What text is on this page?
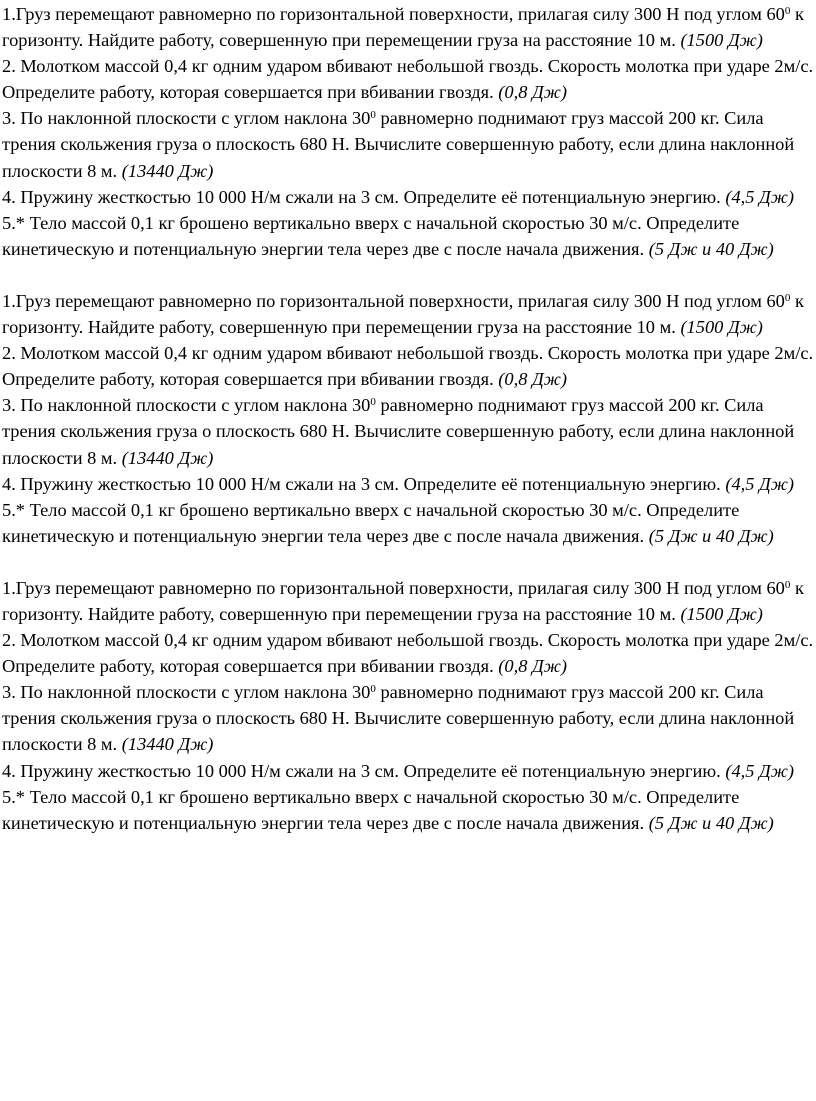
1.Груз перемещают равномерно по горизонтальной поверхности, прилагая силу 300 Н под углом $60^0$ к горизонту. Найдите работу, совершенную при перемещении груза на расстояние 10 м. (1500 Дж)

2. Молотком массой 0,4 кг одним ударом вбивают небольшой гвоздь. Скорость молотка при ударе 2м/с. Определите работу, которая совершается при вбивании гвоздя. (0,8 Дж)

3. По наклонной плоскости с углом наклона $30^0$ равномерно поднимают груз массой 200 кг. Сила трения скольжения груза о плоскость 680 Н. Вычислите совершенную работу, если длина наклонной плоскости 8 м. (13440 Дж)

4. Пружину жесткостью 10 000 Н/м сжали на 3 см. Определите её потенциальную энергию. (4,5 Дж)

5.* Тело массой 0,1 кг брошено вертикально вверх с начальной скоростью 30 м/с. Определите кинетическую и потенциальную энергии тела через две с после начала движения. (5 Дж и 40 Дж)

1.Груз перемещают равномерно по горизонтальной поверхности, прилагая силу 300 Н под углом $60^0$ к горизонту. Найдите работу, совершенную при перемещении груза на расстояние 10 м. (1500 Дж)

2. Молотком массой 0,4 кг одним ударом вбивают небольшой гвоздь. Скорость молотка при ударе 2м/с. Определите работу, которая совершается при вбивании гвоздя. (0,8 Дж)

3. По наклонной плоскости с углом наклона $30^0$ равномерно поднимают груз массой 200 кг. Сила трения скольжения груза о плоскость 680 Н. Вычислите совершенную работу, если длина наклонной плоскости 8 м. (13440 Дж)

4. Пружину жесткостью 10 000 Н/м сжали на 3 см. Определите её потенциальную энергию. (4,5 Дж)

5.* Тело массой 0,1 кг брошено вертикально вверх с начальной скоростью 30 м/с. Определите кинетическую и потенциальную энергии тела через две с после начала движения. (5 Дж и 40 Дж)

1.Груз перемещают равномерно по горизонтальной поверхности, прилагая силу 300 Н под углом $60^0$ к горизонту. Найдите работу, совершенную при перемещении груза на расстояние 10 м. (1500 Дж)

2. Молотком массой 0,4 кг одним ударом вбивают небольшой гвоздь. Скорость молотка при ударе 2м/с. Определите работу, которая совершается при вбивании гвоздя. (0,8 Дж)

3. По наклонной плоскости с углом наклона $30^0$ равномерно поднимают груз массой 200 кг. Сила трения скольжения груза о плоскость 680 Н. Вычислите совершенную работу, если длина наклонной плоскости 8 м. (13440 Дж)

4. Пружину жесткостью 10 000 Н/м сжали на 3 см. Определите её потенциальную энергию. (4,5 Дж)

5.* Тело массой 0,1 кг брошено вертикально вверх с начальной скоростью 30 м/с. Определите кинетическую и потенциальную энергии тела через две с после начала движения. (5 Дж и 40 Дж)
